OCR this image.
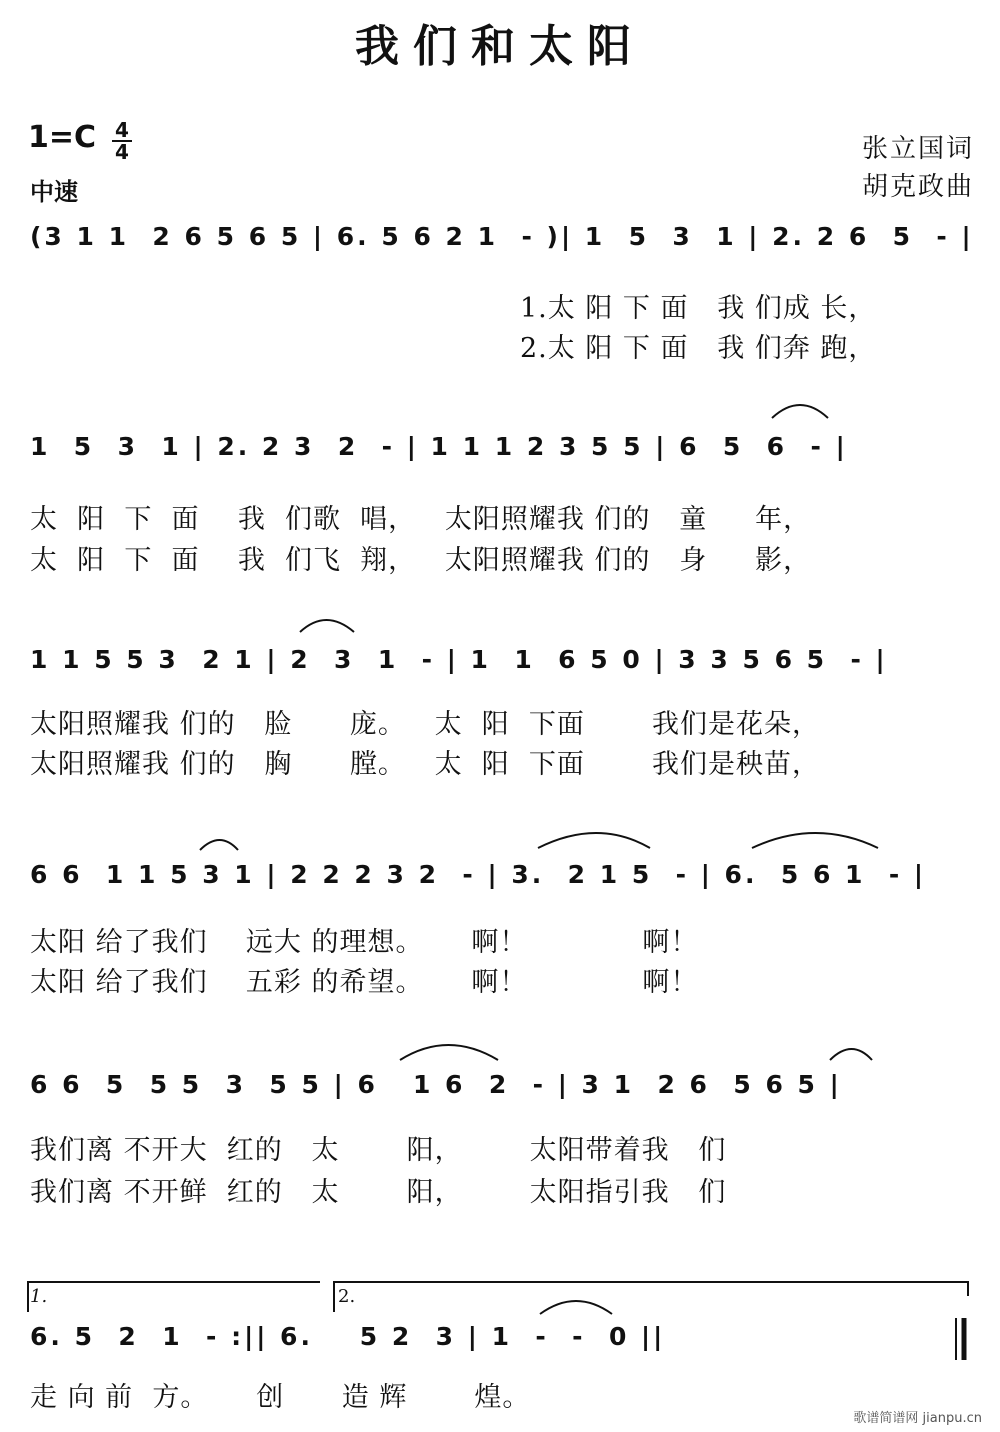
我们和太阳
1=C 4
4
中速
张立国词
胡克政曲
(3 1 1  2 6 5 6 5 | 6. 5 6 2 1  - )| 1  5  3  1 | 2. 2 6  5  - |
1.太 阳 下 面   我 们成 长，
2.太 阳 下 面   我 们奔 跑，
1  5  3  1 | 2. 2 3  2  - | 1 1 1 2 3 5 5 | 6  5  6  - |
太  阳  下  面    我  们歌  唱，   太阳照耀我 们的   童     年，
太  阳  下  面    我  们飞  翔，   太阳照耀我 们的   身     影，
1 1 5 5 3  2 1 | 2  3  1  - | 1  1  6 5 0 | 3 3 5 6 5  - |
太阳照耀我 们的   脸      庞。   太  阳  下面       我们是花朵，
太阳照耀我 们的   胸      膛。   太  阳  下面       我们是秧苗，
6 6  1 1 5 3 1 | 2 2 2 3 2  - | 3.  2 1 5  - | 6.  5 6 1  - |
太阳 给了我们    远大 的理想。     啊！            啊！
太阳 给了我们    五彩 的希望。     啊！            啊！
6 6  5  5 5  3  5 5 | 6   1 6  2  - | 3 1  2 6  5 6 5 |
我们离 不开大  红的   太       阳，       太阳带着我   们
我们离 不开鲜  红的   太       阳，       太阳指引我   们
1.	2.
6. 5  2  1  - :|| 6.    5 2  3 | 1  -  -  0 ||
走 向 前  方。     创      造 辉       煌。
歌谱简谱网 jianpu.cn
